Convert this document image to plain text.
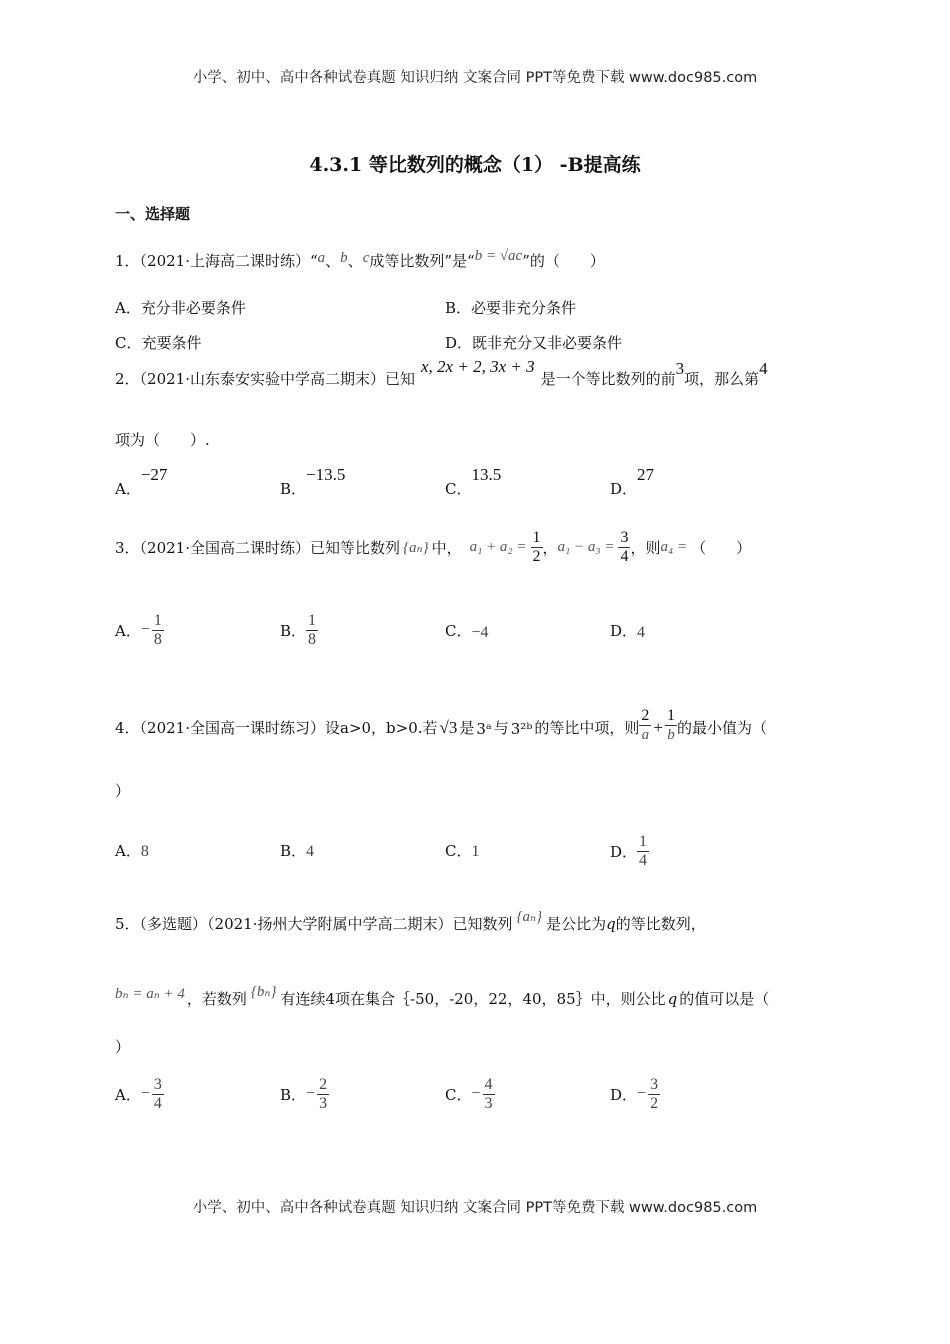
小学、初中、高中各种试卷真题 知识归纳 文案合同 PPT等免费下载 www.doc985.com
小学、初中、高中各种试卷真题 知识归纳 文案合同 PPT等免费下载 www.doc985.com
4.3.1 等比数列的概念（1） -B提高练
一、选择题
1．（2021·上海高二课时练）“a、b、c成等比数列”是“b = √ac”的（　　）
A．充分非必要条件	B．必要非充分条件
C．充要条件	D．既非充分又非必要条件
2．（2021·山东泰安实验中学高二期末）已知x, 2x + 2, 3x + 3是一个等比数列的前3项，那么第4
项为（　　）.
A．−27
B．−13.5
C．13.5
D．27
3．（2021·全国高二课时练）已知等比数列 {aₙ} 中， $a_1 + a_2 = \frac{1}{2}$ ， $a_1 - a_3 = \frac{3}{4}$ ，则 a₄ = （　　）
A． − $\frac{1}{8}$	B． $\frac{1}{8}$	C． −4	D． 4
4．（2021·全国高一课时练习）设 a>0，b>0.若 √3 是 3ᵃ 与 3²ᵇ 的等比中项，则 $\frac{2}{a} + \frac{1}{b}$ 的最小值为（
）
A．8	B．4	C．1	D． $\frac{1}{4}$
5．（多选题）（2021·扬州大学附属中学高二期末）已知数列 {aₙ} 是公比为q的等比数列，
bₙ = aₙ + 4 ，若数列 {bₙ} 有连续4项在集合｛-50，-20，22，40，85｝中，则公比 q 的值可以是（
）
A． − $\frac{3}{4}$	B． − $\frac{2}{3}$	C． − $\frac{4}{3}$	D． − $\frac{3}{2}$
